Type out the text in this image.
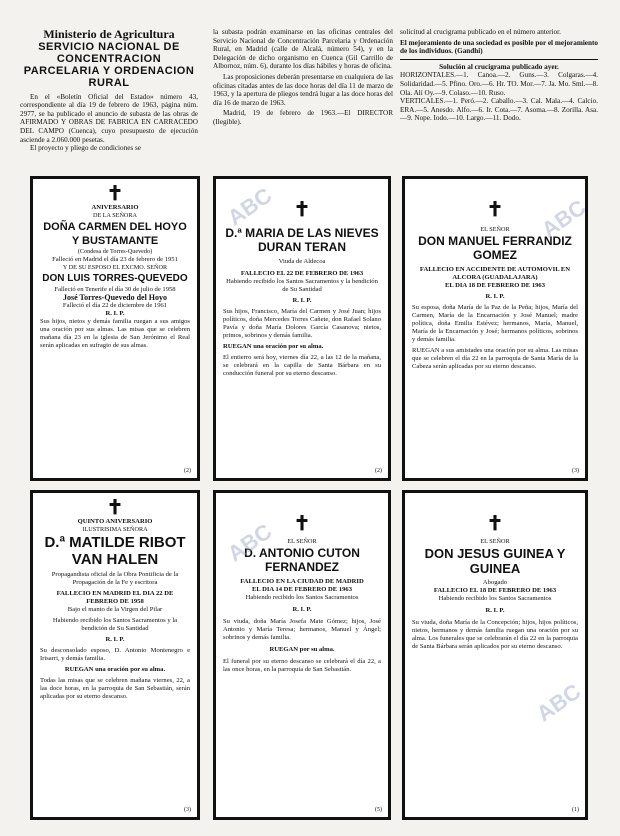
Ministerio de Agricultura
SERVICIO NACIONAL DE CONCENTRACION PARCELARIA Y ORDENACION RURAL
En el «Boletín Oficial del Estado» número 43, correspondiente al día 19 de febrero de 1963, página núm. 2977, se ha publicado el anuncio de subasta de las obras de AFIRMADO Y OBRAS DE FABRICA EN CARRACEDO DEL CAMPO (Cuenca), cuyo presupuesto de ejecución asciende a 2.060.000 pesetas.
El proyecto y pliego de condiciones se
la subasta podrán examinarse en las oficinas centrales del Servicio Nacional de Concentración Parcelaria y Ordenación Rural, en Madrid (calle de Alcalá, número 54), y en la Delegación de dicho organismo en Cuenca (Gil Carrillo de Albornoz, núm. 6), durante los días hábiles y horas de oficina.
Las proposiciones deberán presentarse en cualquiera de las oficinas citadas antes de las doce horas del día 11 de marzo de 1963, y la apertura de pliegos tendrá lugar a las doce horas del día 16 de marzo de 1963.
Madrid, 19 de febrero de 1963.—El DIRECTOR (Ilegible).
solicitud al crucigrama publicado en el número anterior.
El mejoramiento de una sociedad es posible por el mejoramiento de los individuos. (Gandhi)
Solución al crucigrama publicado ayer.
HORIZONTALES.—1. Canoa.—2. Guns.—3. Colgaras.—4. Solidaridad.—5. Pfino. Oro.—6. Hr. TO. Mor.—7. Ja. Mo. Sml.—8. Ola. Alí Oy.—9. Colaso.—10. Ruso.
VERTICALES.—1. Peró.—2. Caballo.—3. Cal. Mala.—4. Calcio. ERA.—5. Anesdo. Alfo.—6. Ir. Cota.—7. Asoma.—8. Zorilla. Asa.—9. Nope. Iodo.—10. Largo.—11. Dodo.
✝
ANIVERSARIO
DE LA SEÑORA
DOÑA CARMEN DEL HOYO Y BUSTAMANTE
(Condesa de Torres-Quevedo)
Falleció en Madrid el día 23 de febrero de 1951
Y DE SU ESPOSO EL EXCMO. SEÑOR
DON LUIS TORRES-QUEVEDO
Falleció en Tenerife el día 30 de julio de 1958
José Torres-Quevedo del Hoyo
Falleció el día 22 de diciembre de 1961
R. I. P.
Sus hijos, nietos y demás familia ruegan a sus amigos una oración por sus almas. Las misas que se celebren mañana día 23 en la iglesia de San Jerónimo el Real serán aplicadas en sufragio de sus almas.
(2)
✝
D.ª MARIA DE LAS NIEVES DURAN TERAN
Viuda de Aldecoa
FALLECIO EL 22 DE FEBRERO DE 1963
Habiendo recibido los Santos Sacramentos y la bendición de Su Santidad
R. I. P.
Sus hijos, Francisco, María del Carmen y José Juan; hijos políticos, doña Mercedes Torres Cañete, don Rafael Solano Pavía y doña María Dolores García Casanova; nietos, primos, sobrinos y demás familia.
RUEGAN una oración por su alma.
El entierro será hoy, viernes día 22, a las 12 de la mañana, se celebrará en la capilla de Santa Bárbara en su conducción funeral por su eterno descanso.
(2)
✝
EL SEÑOR
DON MANUEL FERRANDIZ GOMEZ
FALLECIO EN ACCIDENTE DE AUTOMOVIL EN ALCORA (GUADALAJARA)
EL DIA 18 DE FEBRERO DE 1963
R. I. P.
Su esposa, doña María de la Paz de la Peña; hijos, María del Carmen, María de la Encarnación y José Manuel; madre política, doña Emilia Estévez; hermanos, María, Manuel, María de la Encarnación y José; hermanos políticos, sobrinos y demás familia.
RUEGAN a sus amistades una oración por su alma. Las misas que se celebren el día 22 en la parroquia de Santa María de la Cabeza serán aplicadas por su eterno descanso.
(3)
✝
QUINTO ANIVERSARIO
ILUSTRISIMA SEÑORA
D.ª MATILDE RIBOT VAN HALEN
Propagandista oficial de la Obra Pontificia de la Propagación de la Fe y escritora
FALLECIO EN MADRID EL DIA 22 DE FEBRERO DE 1958
Bajo el manto de la Virgen del Pilar
Habiendo recibido los Santos Sacramentos y la bendición de Su Santidad
R. I. P.
Su desconsolado esposo, D. Antonio Montenegro e Irisarri, y demás familia.
RUEGAN una oración por su alma.
Todas las misas que se celebren mañana viernes, 22, a las doce horas, en la parroquia de San Sebastián, serán aplicadas por su eterno descanso.
(3)
✝
EL SEÑOR
D. ANTONIO CUTON FERNANDEZ
FALLECIO EN LA CIUDAD DE MADRID
EL DIA 14 DE FEBRERO DE 1963
Habiendo recibido los Santos Sacramentos
R. I. P.
Su viuda, doña María Josefa Mate Gómez; hijos, José Antonio y María Teresa; hermanos, Manuel y Ángel; sobrinos y demás familia.
RUEGAN por su alma.
El funeral por su eterno descanso se celebrará el día 22, a las once horas, en la parroquia de San Sebastián.
(5)
✝
EL SEÑOR
DON JESUS GUINEA Y GUINEA
Abogado
FALLECIO EL 18 DE FEBRERO DE 1963
Habiendo recibido los Santos Sacramentos
R. I. P.
Su viuda, doña María de la Concepción; hijos, hijos políticos, nietos, hermanos y demás familia ruegan una oración por su alma. Los funerales que se celebrarán el día 22 en la parroquia de Santa Bárbara serán aplicados por su eterno descanso.
(1)
ABC
ABC
ABC
ABC
